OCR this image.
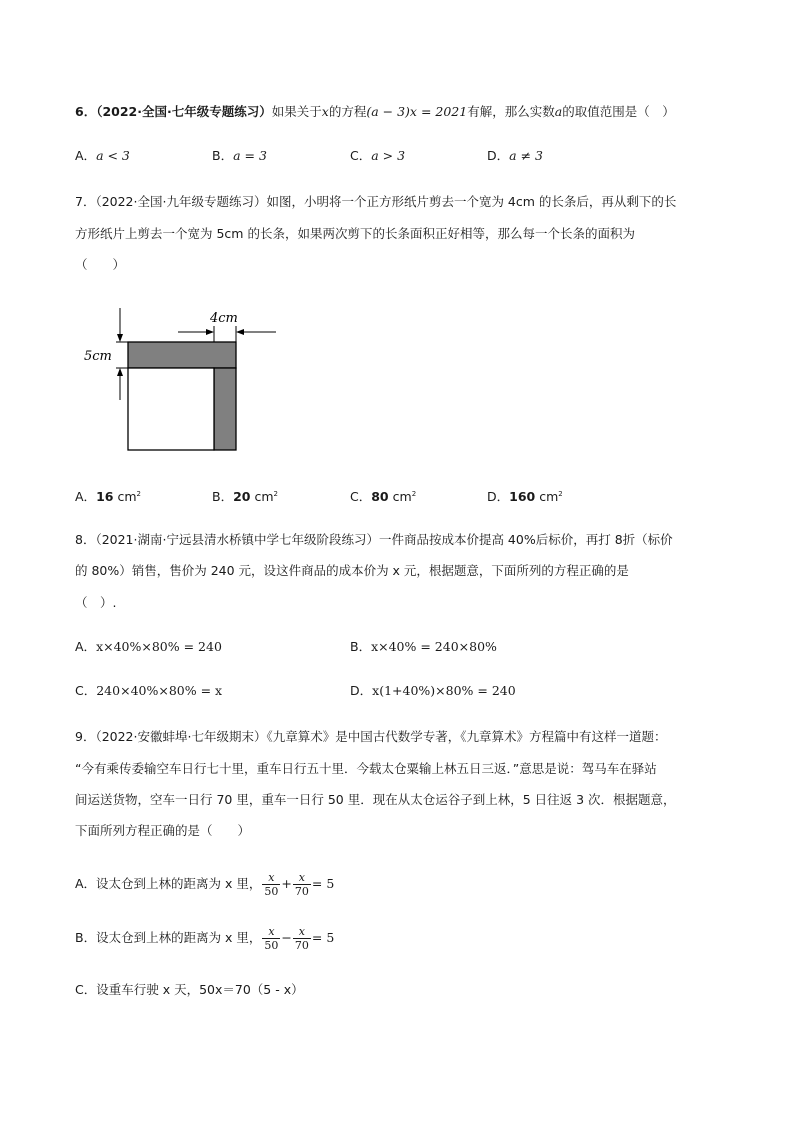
6．（2022·全国·七年级专题练习）如果关于x的方程(a − 3)x = 2021有解，那么实数a的取值范围是（　）
A．a < 3	B．a = 3	C．a > 3	D．a ≠ 3
7．（2022·全国·九年级专题练习）如图，小明将一个正方形纸片剪去一个宽为 4cm 的长条后，再从剩下的长
方形纸片上剪去一个宽为 5cm 的长条，如果两次剪下的长条面积正好相等，那么每一个长条的面积为
（　　）
4cm
5cm
A．16 $cm^2$	B．20 $cm^2$	C．80 $cm^2$	D．160 $cm^2$
8．（2021·湖南·宁远县清水桥镇中学七年级阶段练习）一件商品按成本价提高 40%后标价，再打 8折（标价
的 80%）销售，售价为 240 元，设这件商品的成本价为 x 元，根据题意，下面所列的方程正确的是
（　）.
A．x×40%×80% = 240	B．x×40% = 240×80%
C．240×40%×80% = x	D．x(1+40%)×80% = 240
9．（2022·安徽蚌埠·七年级期末）《九章算术》是中国古代数学专著，《九章算术》方程篇中有这样一道题：
“今有乘传委输空车日行七十里，重车日行五十里．今载太仓粟输上林五日三返．”意思是说：驾马车在驿站
间运送货物，空车一日行 70 里，重车一日行 50 里．现在从太仓运谷子到上林，5 日往返 3 次．根据题意，
下面所列方程正确的是（　　）
A．设太仓到上林的距离为 x 里， $\frac{x}{50} + \frac{x}{70} = 5$
B．设太仓到上林的距离为 x 里， $\frac{x}{50} - \frac{x}{70} = 5$
C．设重车行驶 x 天，50x＝70（5 - x）
